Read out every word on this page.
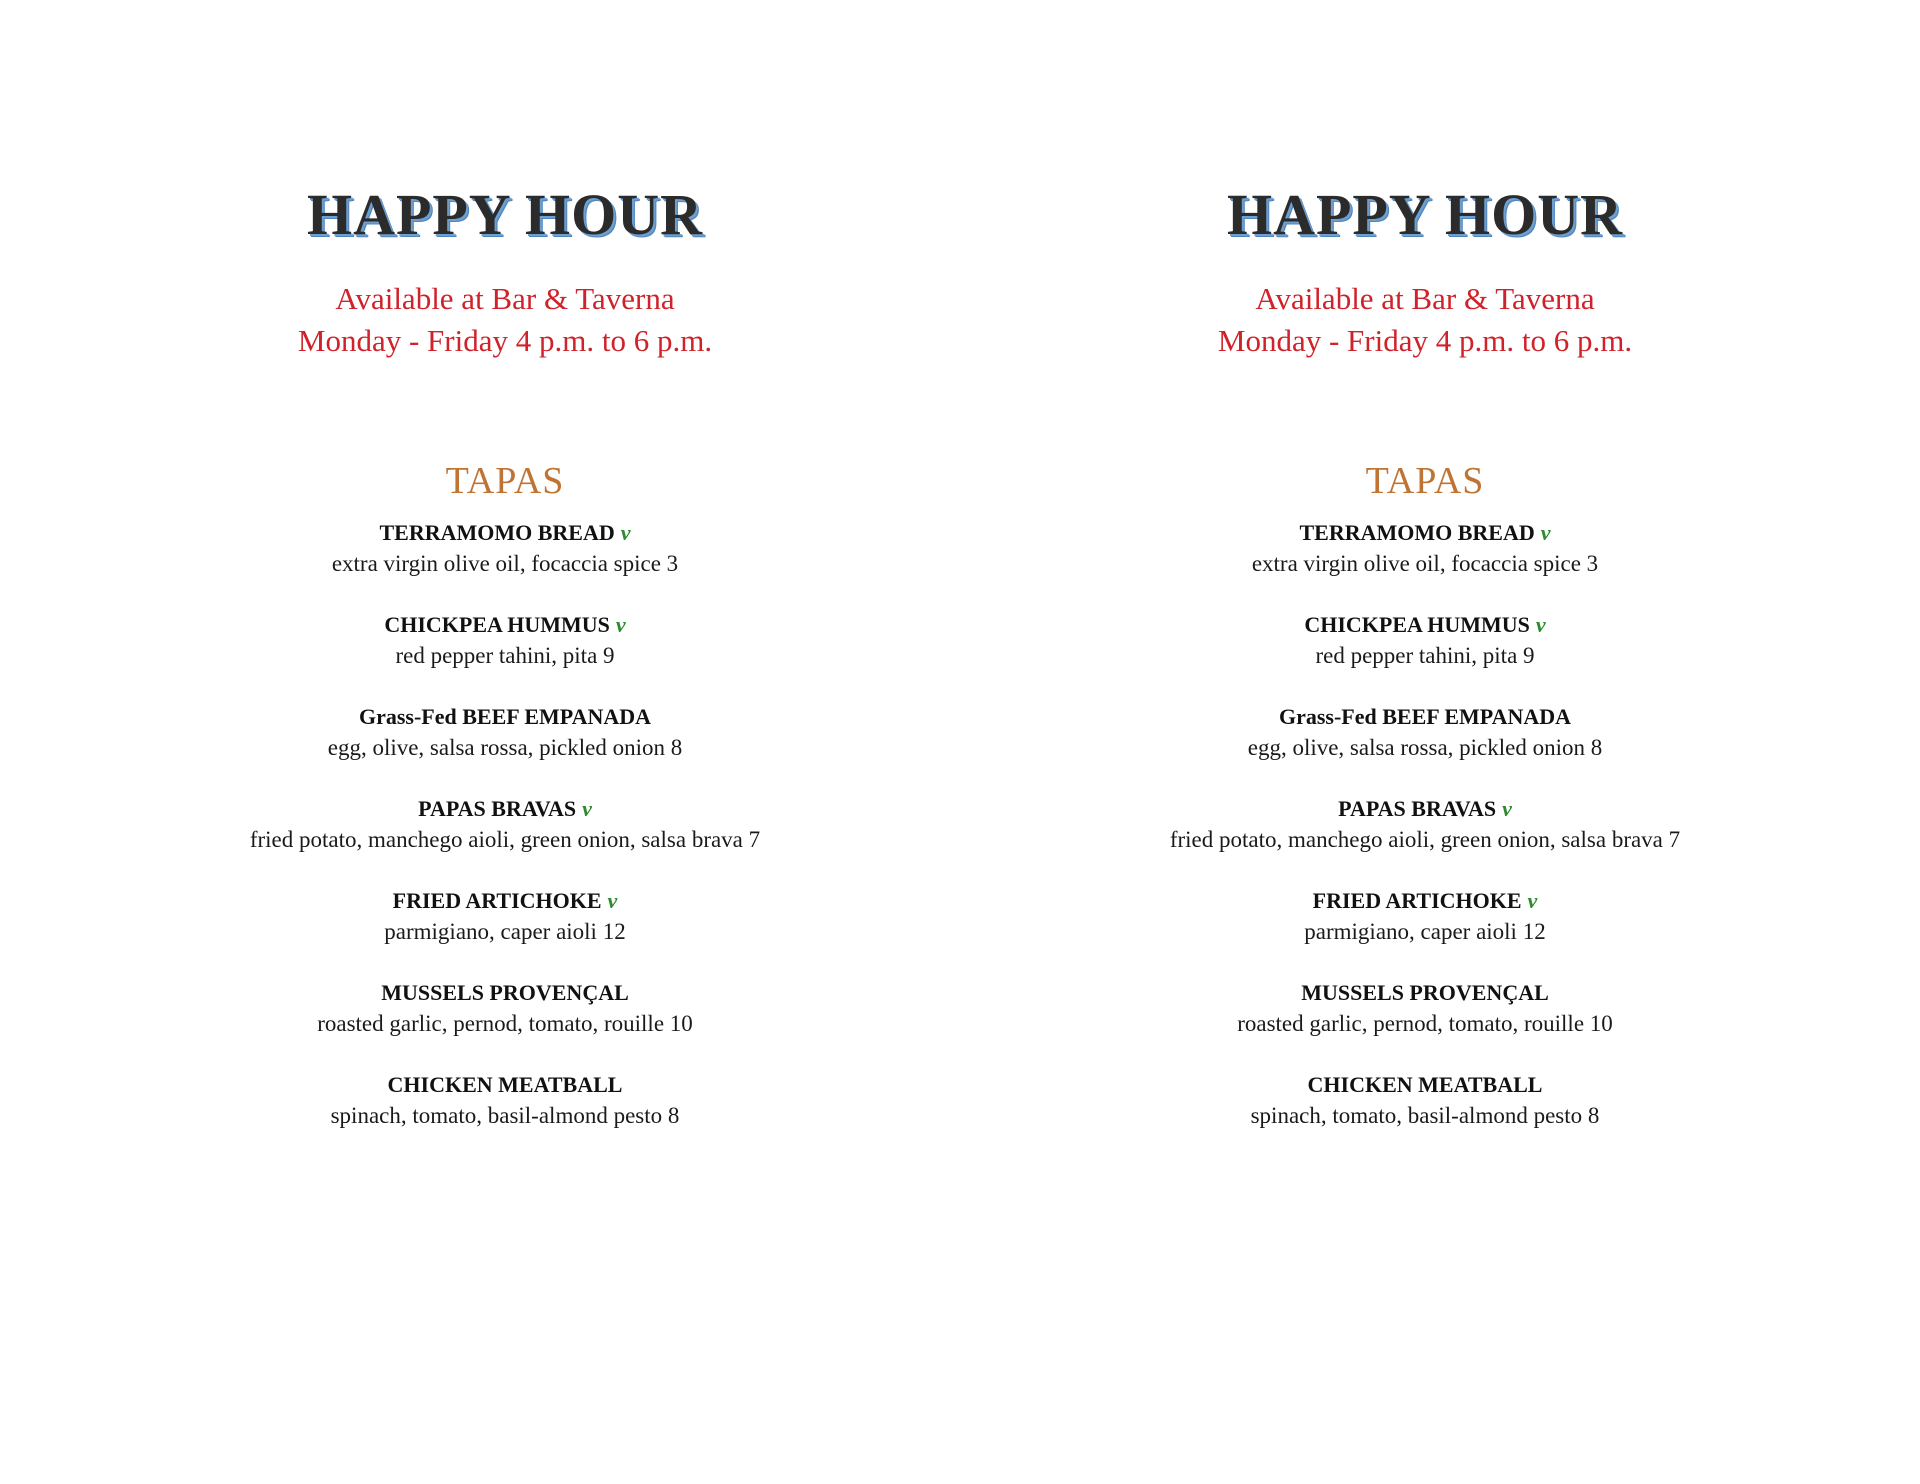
HAPPY HOUR
Available at Bar & Taverna
Monday - Friday 4 p.m. to 6 p.m.
TAPAS
TERRAMOMO BREAD v
extra virgin olive oil, focaccia spice 3
CHICKPEA HUMMUS v
red pepper tahini, pita 9
Grass-Fed BEEF EMPANADA
egg, olive, salsa rossa, pickled onion 8
PAPAS BRAVAS v
fried potato, manchego aioli, green onion, salsa brava 7
FRIED ARTICHOKE v
parmigiano, caper aioli 12
MUSSELS PROVENÇAL
roasted garlic, pernod, tomato, rouille 10
CHICKEN MEATBALL
spinach, tomato, basil-almond pesto 8
HAPPY HOUR
Available at Bar & Taverna
Monday - Friday 4 p.m. to 6 p.m.
TAPAS
TERRAMOMO BREAD v
extra virgin olive oil, focaccia spice 3
CHICKPEA HUMMUS v
red pepper tahini, pita 9
Grass-Fed BEEF EMPANADA
egg, olive, salsa rossa, pickled onion 8
PAPAS BRAVAS v
fried potato, manchego aioli, green onion, salsa brava 7
FRIED ARTICHOKE v
parmigiano, caper aioli 12
MUSSELS PROVENÇAL
roasted garlic, pernod, tomato, rouille 10
CHICKEN MEATBALL
spinach, tomato, basil-almond pesto 8
